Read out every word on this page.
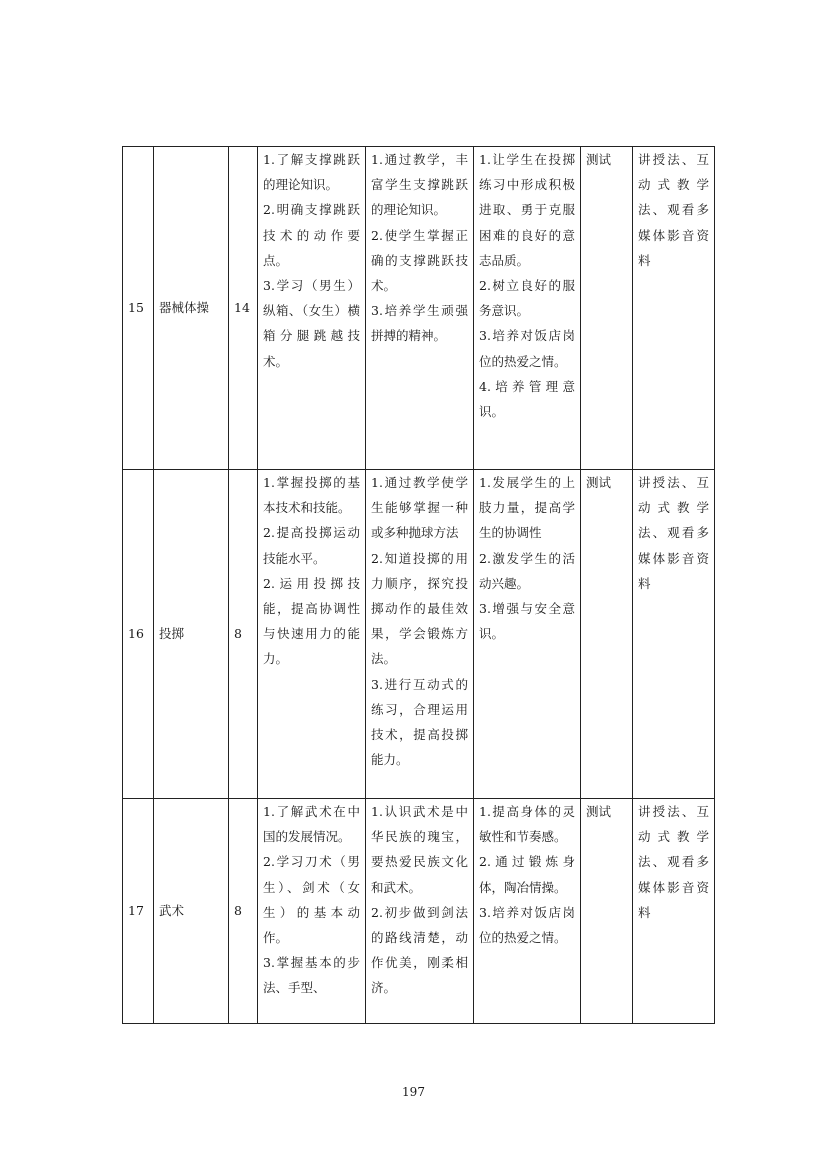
15	器械体操	14	1.了解支撑跳跃的理论知识。
2.明确支撑跳跃技术的动作要点。
3.学习（男生）纵箱、（女生）横箱分腿跳越技术。	1.通过教学，丰富学生支撑跳跃的理论知识。
2.使学生掌握正确的支撑跳跃技术。
3.培养学生顽强拼搏的精神。	1.让学生在投掷练习中形成积极进取、勇于克服困难的良好的意志品质。
2.树立良好的服务意识。
3.培养对饭店岗位的热爱之情。
4.培养管理意识。	测试	讲授法、互动式教学法、观看多媒体影音资料
16	投掷	8	1.掌握投掷的基本技术和技能。
2.提高投掷运动技能水平。
2.运用投掷技能，提高协调性与快速用力的能力。	1.通过教学使学生能够掌握一种或多种抛球方法
2.知道投掷的用力顺序，探究投掷动作的最佳效果，学会锻炼方法。
3.进行互动式的练习，合理运用技术，提高投掷能力。	1.发展学生的上肢力量，提高学生的协调性
2.激发学生的活动兴趣。
3.增强与安全意识。	测试	讲授法、互动式教学法、观看多媒体影音资料
17	武术	8	1.了解武术在中国的发展情况。
2.学习刀术（男生）、剑术（女生）的基本动作。
3.掌握基本的步法、手型、	1.认识武术是中华民族的瑰宝，要热爱民族文化和武术。
2.初步做到剑法的路线清楚，动作优美，刚柔相济。	1.提高身体的灵敏性和节奏感。
2.通过锻炼身体，陶冶情操。
3.培养对饭店岗位的热爱之情。	测试	讲授法、互动式教学法、观看多媒体影音资料
197
